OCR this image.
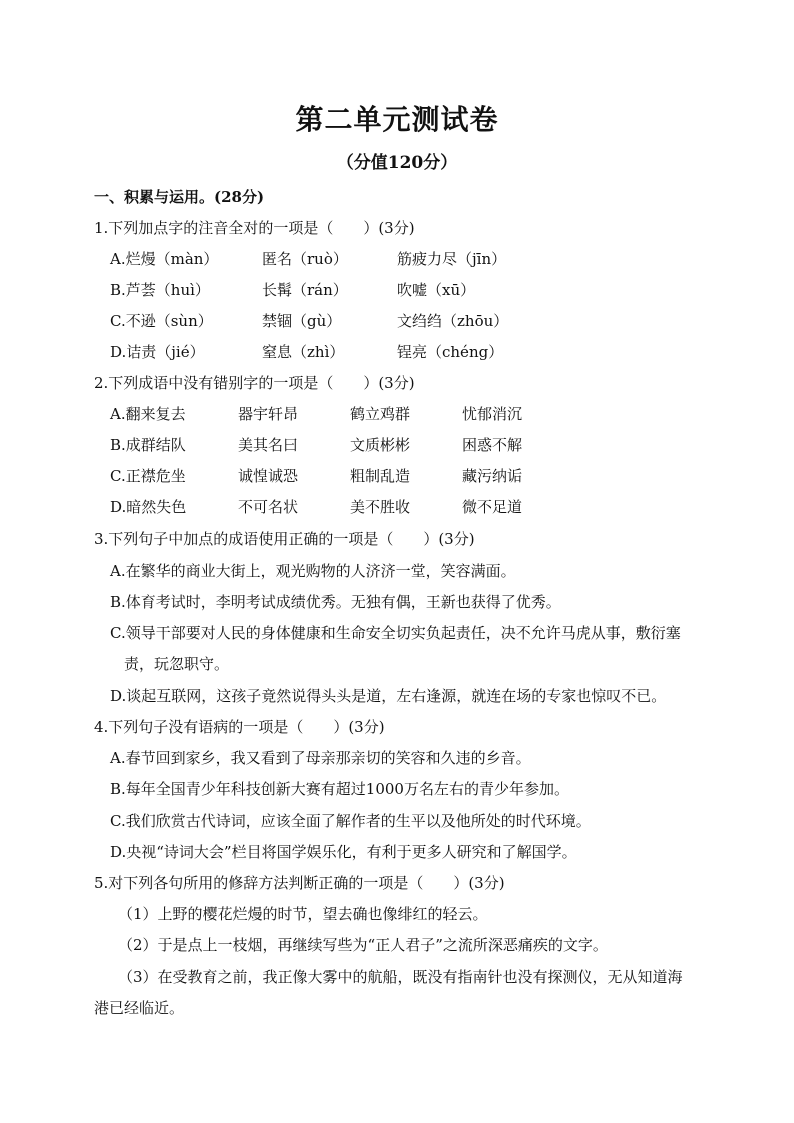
第二单元测试卷
（分值120分）
一、积累与运用。(28分)
1.下列加点字的注音全对的一项是（　　）(3分)
A.烂熳（màn）	匿名（ruò）	筋疲力尽（jīn）
B.芦荟（huì）	长髯（rán）	吹嘘（xū）
C.不逊（sùn）	禁锢（gù）	文绉绉（zhōu）
D.诘责（jié）	窒息（zhì）	锃亮（chéng）
2.下列成语中没有错别字的一项是（　　）(3分)
A.翻来复去	器宇轩昂	鹤立鸡群	忧郁消沉
B.成群结队	美其名曰	文质彬彬	困惑不解
C.正襟危坐	诚惶诚恐	粗制乱造	藏污纳诟
D.暗然失色	不可名状	美不胜收	微不足道
3.下列句子中加点的成语使用正确的一项是（　　）(3分)
A.在繁华的商业大街上，观光购物的人济济一堂，笑容满面。
B.体育考试时，李明考试成绩优秀。无独有偶，王新也获得了优秀。
C.领导干部要对人民的身体健康和生命安全切实负起责任，决不允许马虎从事，敷衍塞
责，玩忽职守。
D.谈起互联网，这孩子竟然说得头头是道，左右逢源，就连在场的专家也惊叹不已。
4.下列句子没有语病的一项是（　　）(3分)
A.春节回到家乡，我又看到了母亲那亲切的笑容和久违的乡音。
B.每年全国青少年科技创新大赛有超过1000万名左右的青少年参加。
C.我们欣赏古代诗词，应该全面了解作者的生平以及他所处的时代环境。
D.央视“诗词大会”栏目将国学娱乐化，有利于更多人研究和了解国学。
5.对下列各句所用的修辞方法判断正确的一项是（　　）(3分)
（1）上野的樱花烂熳的时节，望去确也像绯红的轻云。
（2）于是点上一枝烟，再继续写些为“正人君子”之流所深恶痛疾的文字。
（3）在受教育之前，我正像大雾中的航船，既没有指南针也没有探测仪，无从知道海
港已经临近。
